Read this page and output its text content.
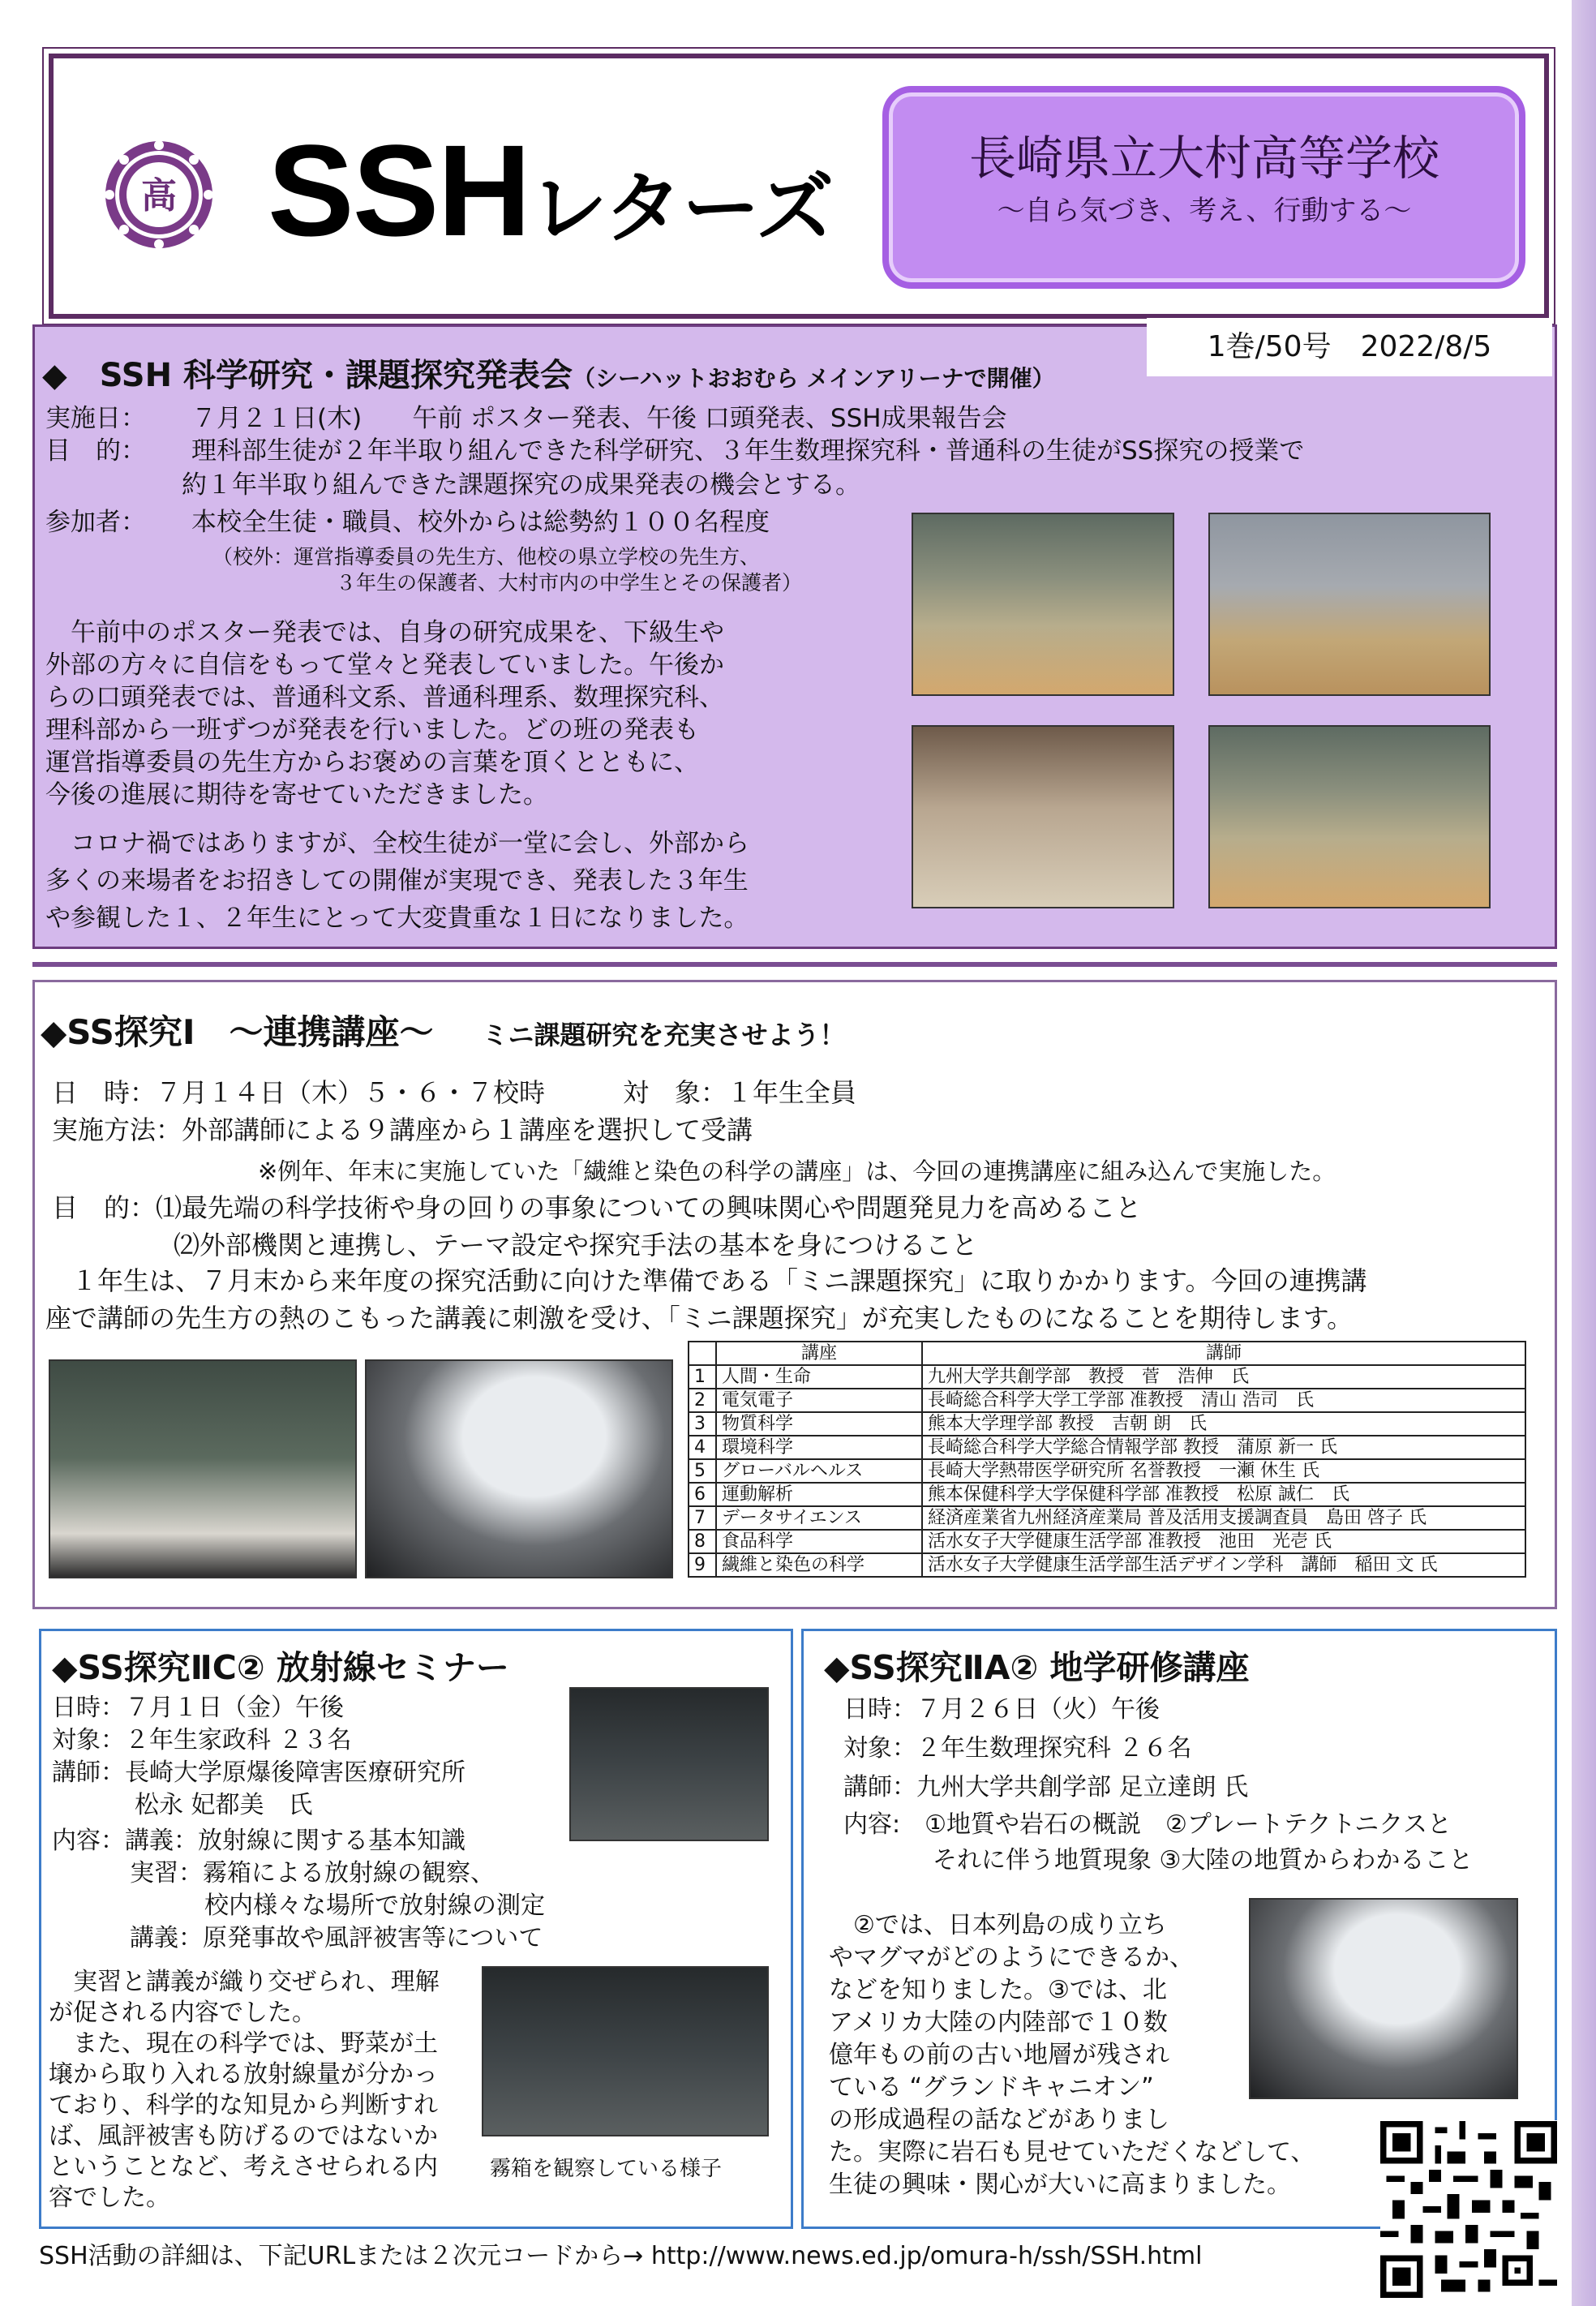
高 SSHレターズ
長崎県立大村高等学校
～自ら気づき、考え、行動する～
1巻/50号　2022/8/5
◆　SSH 科学研究・課題探究発表会（シーハットおおむら メインアリーナで開催）
実施日： ７月２１日(木)　　午前 ポスター発表、午後 口頭発表、SSH成果報告会
目　的： 理科部生徒が２年半取り組んできた科学研究、３年生数理探究科・普通科の生徒がSS探究の授業で
約１年半取り組んできた課題探究の成果発表の機会とする。
参加者： 本校全生徒・職員、校外からは総勢約１００名程度
（校外：運営指導委員の先生方、他校の県立学校の先生方、
３年生の保護者、大村市内の中学生とその保護者）
　午前中のポスター発表では、自身の研究成果を、下級生や
外部の方々に自信をもって堂々と発表していました。午後か
らの口頭発表では、普通科文系、普通科理系、数理探究科、
理科部から一班ずつが発表を行いました。どの班の発表も
運営指導委員の先生方からお褒めの言葉を頂くとともに、
今後の進展に期待を寄せていただきました。
　コロナ禍ではありますが、全校生徒が一堂に会し、外部から
多くの来場者をお招きしての開催が実現でき、発表した３年生
や参観した１、２年生にとって大変貴重な１日になりました。
◆SS探究Ⅰ　～連携講座～ ミニ課題研究を充実させよう！
日　時：７月１４日（木）５・６・７校時　　　対　象：１年生全員
実施方法：外部講師による９講座から１講座を選択して受講
※例年、年末に実施していた「繊維と染色の科学の講座」は、今回の連携講座に組み込んで実施した。
目　的：⑴最先端の科学技術や身の回りの事象についての興味関心や問題発見力を高めること
⑵外部機関と連携し、テーマ設定や探究手法の基本を身につけること
　１年生は、７月末から来年度の探究活動に向けた準備である「ミニ課題探究」に取りかかります。今回の連携講
座で講師の先生方の熱のこもった講義に刺激を受け、「ミニ課題探究」が充実したものになることを期待します。
	講座	講師
1	人間・生命	九州大学共創学部　教授　菅　浩伸　氏
2	電気電子	長崎総合科学大学工学部 准教授　清山 浩司　氏
3	物質科学	熊本大学理学部 教授　吉朝 朗　氏
4	環境科学	長崎総合科学大学総合情報学部 教授　蒲原 新一 氏
5	グローバルヘルス	長崎大学熱帯医学研究所 名誉教授　一瀬 休生 氏
6	運動解析	熊本保健科学大学保健科学部 准教授　松原 誠仁　氏
7	データサイエンス	経済産業省九州経済産業局 普及活用支援調査員　島田 啓子 氏
8	食品科学	活水女子大学健康生活学部 准教授　池田　光壱 氏
9	繊維と染色の科学	活水女子大学健康生活学部生活デザイン学科　講師　稲田 文 氏
◆SS探究ⅡC② 放射線セミナー
日時：７月１日（金）午後
対象：２年生家政科 ２３名
講師：長崎大学原爆後障害医療研究所
松永 妃都美　氏
内容：講義：放射線に関する基本知識
実習：霧箱による放射線の観察、
校内様々な場所で放射線の測定
講義：原発事故や風評被害等について
霧箱を観察している様子
　実習と講義が織り交ぜられ、理解
が促される内容でした。
　また、現在の科学では、野菜が土
壌から取り入れる放射線量が分かっ
ており、科学的な知見から判断すれ
ば、風評被害も防げるのではないか
ということなど、考えさせられる内
容でした。
◆SS探究ⅡA② 地学研修講座
日時：７月２６日（火）午後
対象：２年生数理探究科 ２６名
講師：九州大学共創学部 足立達朗 氏
内容:　①地質や岩石の概説　②プレートテクトニクスと
それに伴う地質現象 ③大陸の地質からわかること
　②では、日本列島の成り立ち
やマグマがどのようにできるか、
などを知りました。③では、北
アメリカ大陸の内陸部で１０数
億年もの前の古い地層が残され
ている “グランドキャニオン”
の形成過程の話などがありまし
た。実際に岩石も見せていただくなどして、
生徒の興味・関心が大いに高まりました。
SSH活動の詳細は、下記URLまたは２次元コードから→ http://www.news.ed.jp/omura-h/ssh/SSH.html
